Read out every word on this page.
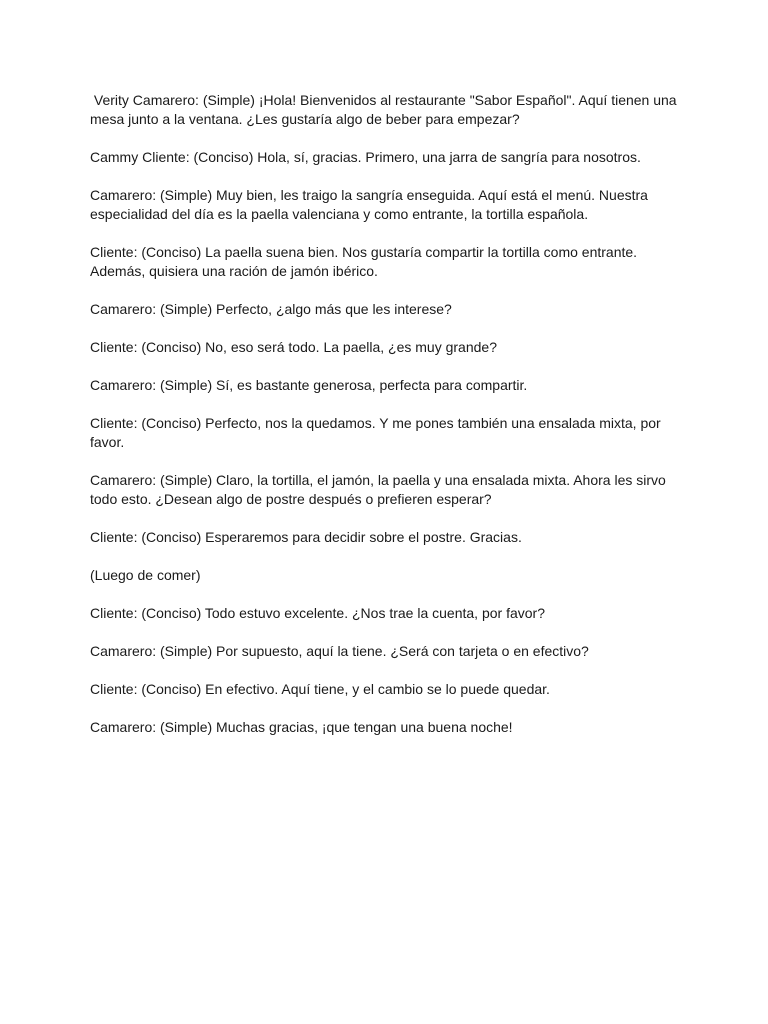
Verity Camarero: (Simple) ¡Hola! Bienvenidos al restaurante "Sabor Español". Aquí tienen una mesa junto a la ventana. ¿Les gustaría algo de beber para empezar?

Cammy Cliente: (Conciso) Hola, sí, gracias. Primero, una jarra de sangría para nosotros.

Camarero: (Simple) Muy bien, les traigo la sangría enseguida. Aquí está el menú. Nuestra especialidad del día es la paella valenciana y como entrante, la tortilla española.

Cliente: (Conciso) La paella suena bien. Nos gustaría compartir la tortilla como entrante. Además, quisiera una ración de jamón ibérico.

Camarero: (Simple) Perfecto, ¿algo más que les interese?

Cliente: (Conciso) No, eso será todo. La paella, ¿es muy grande?

Camarero: (Simple) Sí, es bastante generosa, perfecta para compartir.

Cliente: (Conciso) Perfecto, nos la quedamos. Y me pones también una ensalada mixta, por favor.

Camarero: (Simple) Claro, la tortilla, el jamón, la paella y una ensalada mixta. Ahora les sirvo todo esto. ¿Desean algo de postre después o prefieren esperar?

Cliente: (Conciso) Esperaremos para decidir sobre el postre. Gracias.

(Luego de comer)

Cliente: (Conciso) Todo estuvo excelente. ¿Nos trae la cuenta, por favor?

Camarero: (Simple) Por supuesto, aquí la tiene. ¿Será con tarjeta o en efectivo?

Cliente: (Conciso) En efectivo. Aquí tiene, y el cambio se lo puede quedar.

Camarero: (Simple) Muchas gracias, ¡que tengan una buena noche!
